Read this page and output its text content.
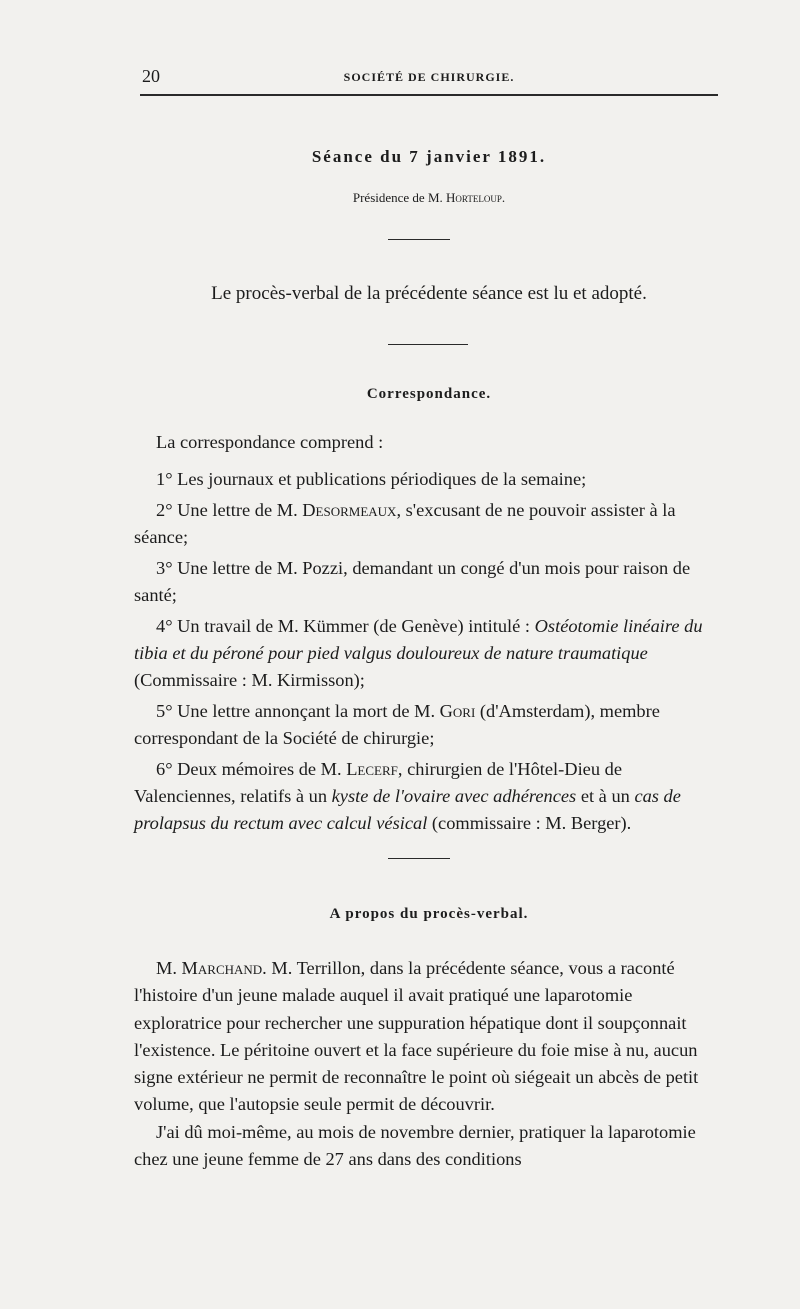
20	SOCIÉTÉ DE CHIRURGIE.
Séance du 7 janvier 1891.
Présidence de M. Horteloup.
Le procès-verbal de la précédente séance est lu et adopté.
Correspondance.

La correspondance comprend :

1° Les journaux et publications périodiques de la semaine;

2° Une lettre de M. Desormeaux, s'excusant de ne pouvoir assister à la séance;

3° Une lettre de M. Pozzi, demandant un congé d'un mois pour raison de santé;

4° Un travail de M. Kümmer (de Genève) intitulé : Ostéotomie linéaire du tibia et du péroné pour pied valgus douloureux de nature traumatique (Commissaire : M. Kirmisson);

5° Une lettre annonçant la mort de M. Gori (d'Amsterdam), membre correspondant de la Société de chirurgie;

6° Deux mémoires de M. Lecerf, chirurgien de l'Hôtel-Dieu de Valenciennes, relatifs à un kyste de l'ovaire avec adhérences et à un cas de prolapsus du rectum avec calcul vésical (commissaire : M. Berger).

A propos du procès-verbal.

M. Marchand. M. Terrillon, dans la précédente séance, vous a raconté l'histoire d'un jeune malade auquel il avait pratiqué une laparotomie exploratrice pour rechercher une suppuration hépatique dont il soupçonnait l'existence. Le péritoine ouvert et la face supérieure du foie mise à nu, aucun signe extérieur ne permit de reconnaître le point où siégeait un abcès de petit volume, que l'autopsie seule permit de découvrir.

J'ai dû moi-même, au mois de novembre dernier, pratiquer la laparotomie chez une jeune femme de 27 ans dans des conditions
